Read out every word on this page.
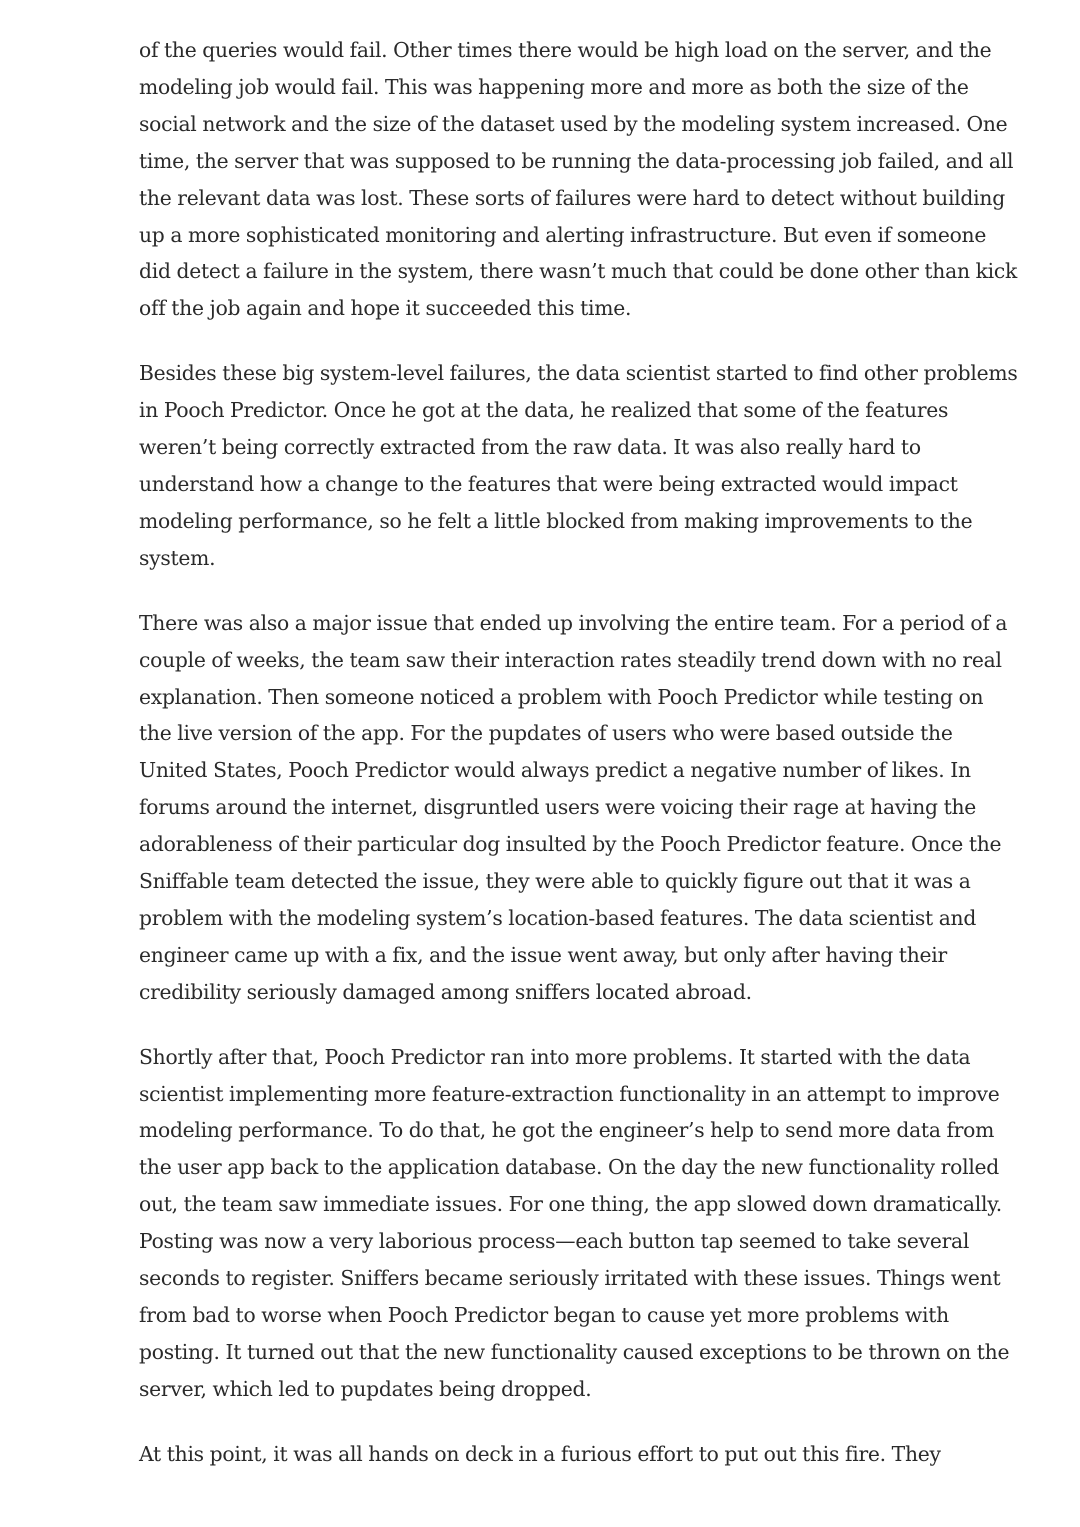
of the queries would fail. Other times there would be high load on the server, and the
modeling job would fail. This was happening more and more as both the size of the
social network and the size of the dataset used by the modeling system increased. One
time, the server that was supposed to be running the data-processing job failed, and all
the relevant data was lost. These sorts of failures were hard to detect without building
up a more sophisticated monitoring and alerting infrastructure. But even if someone
did detect a failure in the system, there wasn’t much that could be done other than kick
off the job again and hope it succeeded this time.

Besides these big system-level failures, the data scientist started to find other problems
in Pooch Predictor. Once he got at the data, he realized that some of the features
weren’t being correctly extracted from the raw data. It was also really hard to
understand how a change to the features that were being extracted would impact
modeling performance, so he felt a little blocked from making improvements to the
system.

There was also a major issue that ended up involving the entire team. For a period of a
couple of weeks, the team saw their interaction rates steadily trend down with no real
explanation. Then someone noticed a problem with Pooch Predictor while testing on
the live version of the app. For the pupdates of users who were based outside the
United States, Pooch Predictor would always predict a negative number of likes. In
forums around the internet, disgruntled users were voicing their rage at having the
adorableness of their particular dog insulted by the Pooch Predictor feature. Once the
Sniffable team detected the issue, they were able to quickly figure out that it was a
problem with the modeling system’s location-based features. The data scientist and
engineer came up with a fix, and the issue went away, but only after having their
credibility seriously damaged among sniffers located abroad.

Shortly after that, Pooch Predictor ran into more problems. It started with the data
scientist implementing more feature-extraction functionality in an attempt to improve
modeling performance. To do that, he got the engineer’s help to send more data from
the user app back to the application database. On the day the new functionality rolled
out, the team saw immediate issues. For one thing, the app slowed down dramatically.
Posting was now a very laborious process—each button tap seemed to take several
seconds to register. Sniffers became seriously irritated with these issues. Things went
from bad to worse when Pooch Predictor began to cause yet more problems with
posting. It turned out that the new functionality caused exceptions to be thrown on the
server, which led to pupdates being dropped.

At this point, it was all hands on deck in a furious effort to put out this fire. They
